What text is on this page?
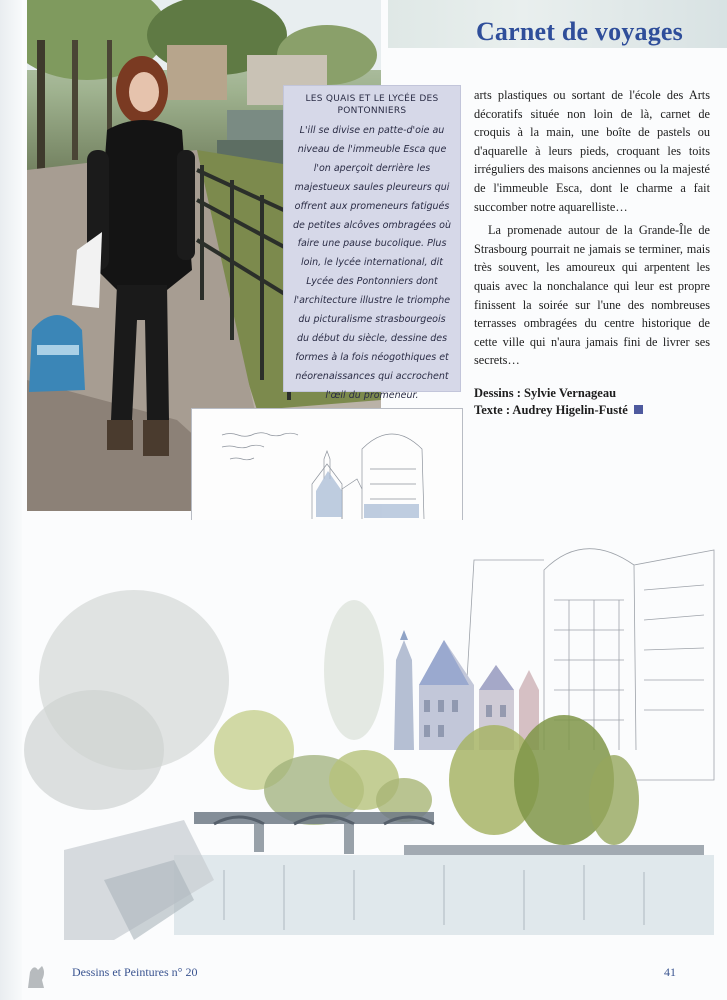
Carnet de voyages
LES QUAIS ET LE LYCÉE DES PONTONNIERS
L'ill se divise en patte-d'oie au niveau de l'immeuble Esca que l'on aperçoit derrière les majestueux saules pleureurs qui offrent aux promeneurs fatigués de petites alcôves ombragées où faire une pause bucolique. Plus loin, le lycée international, dit Lycée des Pontonniers dont l'architecture illustre le triomphe du picturalisme strasbourgeois du début du siècle, dessine des formes à la fois néogothiques et néorenaissances qui accrochent l'œil du promeneur.

arts plastiques ou sortant de l'école des Arts décoratifs située non loin de là, carnet de croquis à la main, une boîte de pastels ou d'aquarelle à leurs pieds, croquant les toits irréguliers des maisons anciennes ou la majesté de l'immeuble Esca, dont le charme a fait succomber notre aquarelliste…

La promenade autour de la Grande-Île de Strasbourg pourrait ne jamais se terminer, mais très souvent, les amoureux qui arpentent les quais avec la nonchalance qui leur est propre finissent la soirée sur l'une des nombreuses terrasses ombragées du centre historique de cette ville qui n'aura jamais fini de livrer ses secrets…

Dessins : Sylvie Vernageau
Texte : Audrey Higelin-Fusté
Dessins et Peintures n° 20	41
